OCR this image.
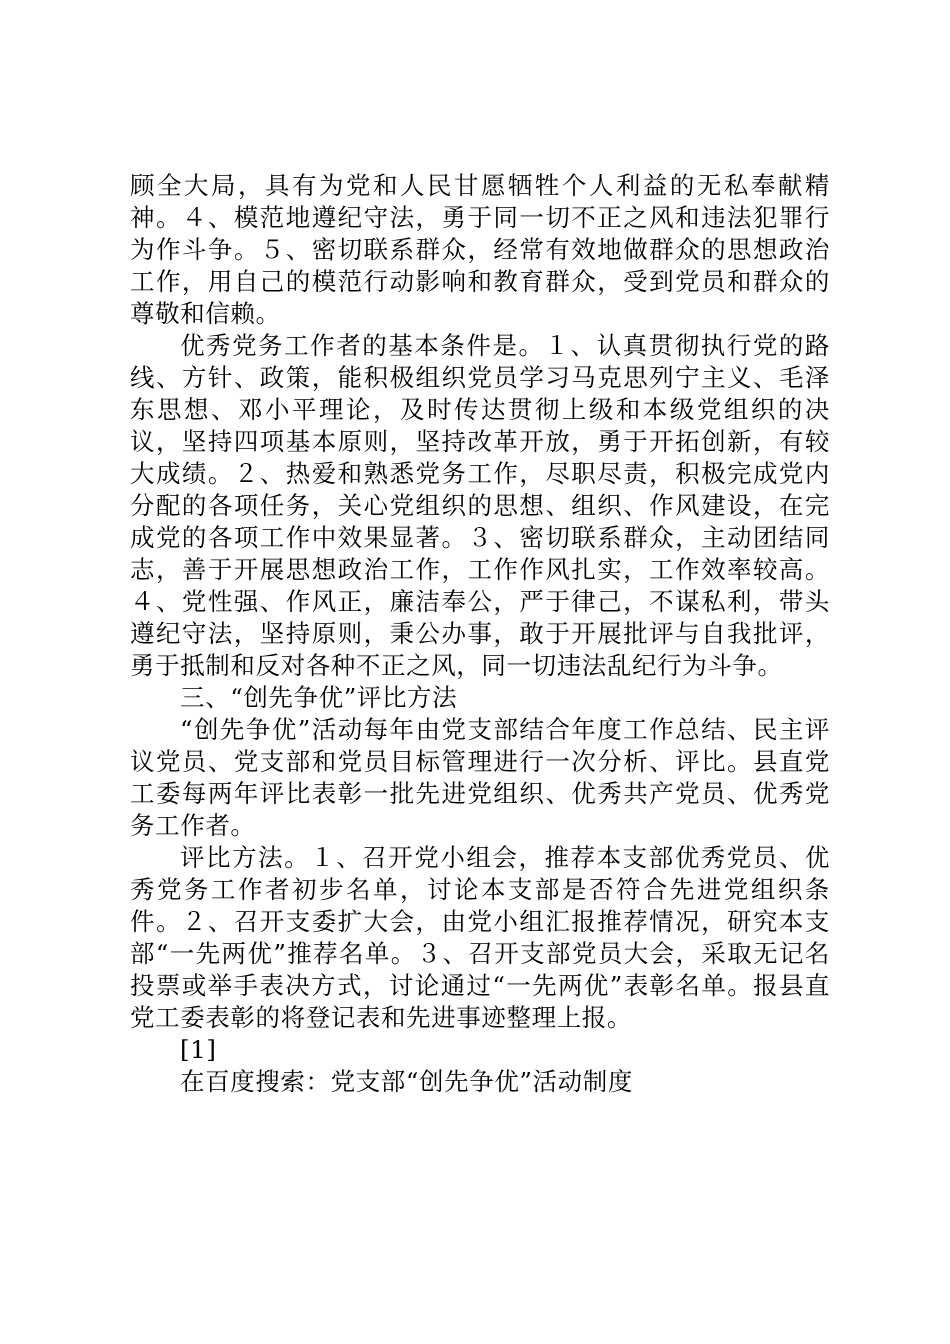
顾全大局，具有为党和人民甘愿牺牲个人利益的无私奉献精神。４、模范地遵纪守法，勇于同一切不正之风和违法犯罪行为作斗争。５、密切联系群众，经常有效地做群众的思想政治工作，用自己的模范行动影响和教育群众，受到党员和群众的尊敬和信赖。

优秀党务工作者的基本条件是。１、认真贯彻执行党的路线、方针、政策，能积极组织党员学习马克思列宁主义、毛泽东思想、邓小平理论，及时传达贯彻上级和本级党组织的决议，坚持四项基本原则，坚持改革开放，勇于开拓创新，有较大成绩。２、热爱和熟悉党务工作，尽职尽责，积极完成党内分配的各项任务，关心党组织的思想、组织、作风建设，在完成党的各项工作中效果显著。３、密切联系群众，主动团结同志，善于开展思想政治工作，工作作风扎实，工作效率较高。４、党性强、作风正，廉洁奉公，严于律己，不谋私利，带头遵纪守法，坚持原则，秉公办事，敢于开展批评与自我批评，勇于抵制和反对各种不正之风，同一切违法乱纪行为斗争。

三、“创先争优”评比方法

“创先争优”活动每年由党支部结合年度工作总结、民主评议党员、党支部和党员目标管理进行一次分析、评比。县直党工委每两年评比表彰一批先进党组织、优秀共产党员、优秀党务工作者。

评比方法。１、召开党小组会，推荐本支部优秀党员、优秀党务工作者初步名单，讨论本支部是否符合先进党组织条件。２、召开支委扩大会，由党小组汇报推荐情况，研究本支部“一先两优”推荐名单。３、召开支部党员大会，采取无记名投票或举手表决方式，讨论通过“一先两优”表彰名单。报县直党工委表彰的将登记表和先进事迹整理上报。

[1]

在百度搜索：党支部“创先争优”活动制度
